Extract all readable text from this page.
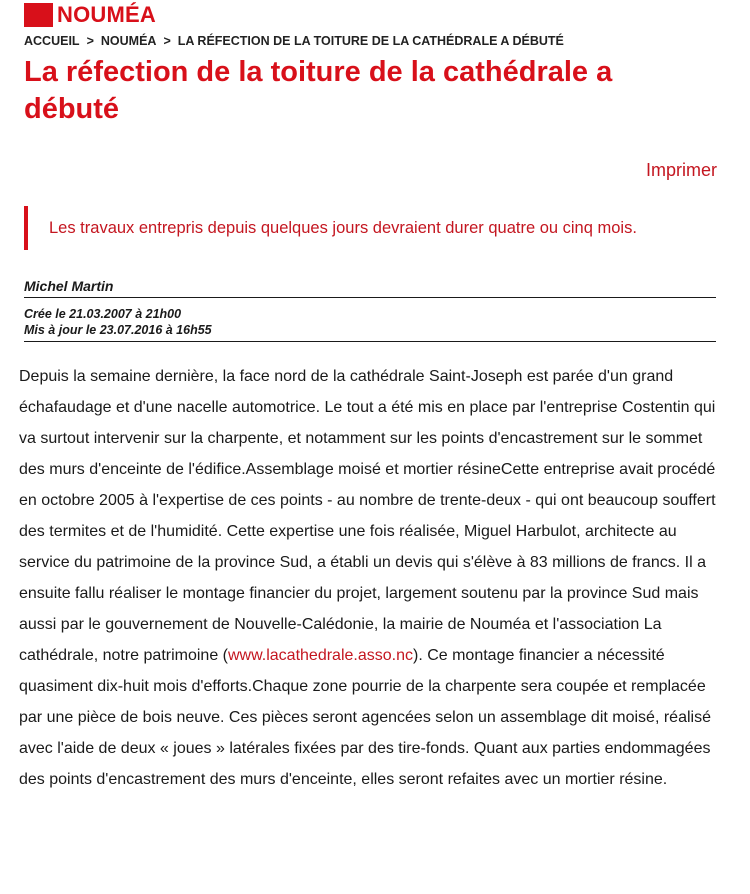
NOUMÉA
ACCUEIL > NOUMÉA > LA RÉFECTION DE LA TOITURE DE LA CATHÉDRALE A DÉBUTÉ
La réfection de la toiture de la cathédrale a débuté
Imprimer
Les travaux entrepris depuis quelques jours devraient durer quatre ou cinq mois.
Michel Martin
Crée le 21.03.2007 à 21h00
Mis à jour le 23.07.2016 à 16h55

Depuis la semaine dernière, la face nord de la cathédrale Saint-Joseph est parée d'un grand échafaudage et d'une nacelle automotrice. Le tout a été mis en place par l'entreprise Costentin qui va surtout intervenir sur la charpente, et notamment sur les points d'encastrement sur le sommet des murs d'enceinte de l'édifice.Assemblage moisé et mortier résineCette entreprise avait procédé en octobre 2005 à l'expertise de ces points - au nombre de trente-deux - qui ont beaucoup souffert des termites et de l'humidité. Cette expertise une fois réalisée, Miguel Harbulot, architecte au service du patrimoine de la province Sud, a établi un devis qui s'élève à 83 millions de francs. Il a ensuite fallu réaliser le montage financier du projet, largement soutenu par la province Sud mais aussi par le gouvernement de Nouvelle-Calédonie, la mairie de Nouméa et l'association La cathédrale, notre patrimoine (www.lacathedrale.asso.nc). Ce montage financier a nécessité quasiment dix-huit mois d'efforts.Chaque zone pourrie de la charpente sera coupée et remplacée par une pièce de bois neuve. Ces pièces seront agencées selon un assemblage dit moisé, réalisé avec l'aide de deux « joues » latérales fixées par des tire-fonds. Quant aux parties endommagées des points d'encastrement des murs d'enceinte, elles seront refaites avec un mortier résine.
